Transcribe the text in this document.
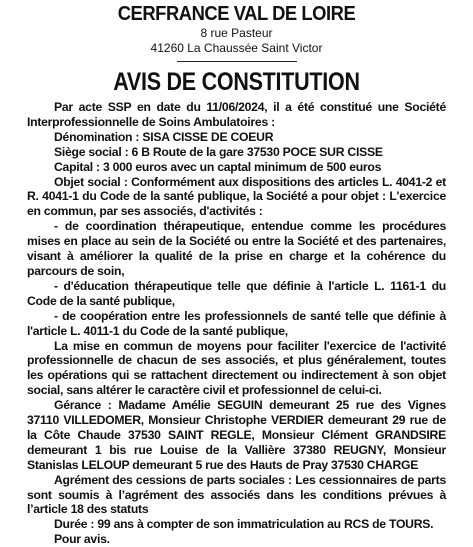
CERFRANCE VAL DE LOIRE

8 rue Pasteur

41260 La Chaussée Saint Victor

AVIS DE CONSTITUTION

Par acte SSP en date du 11/06/2024, il a été constitué une Société Interprofessionnelle de Soins Ambulatoires :

Dénomination : SISA CISSE DE COEUR

Siège social : 6 B Route de la gare 37530 POCE SUR CISSE

Capital : 3 000 euros avec un captal minimum de 500 euros

Objet social : Conformément aux dispositions des articles L. 4041-2 et R. 4041-1 du Code de la santé publique, la Société a pour objet : L'exercice en commun, par ses associés, d'activités :

- de coordination thérapeutique, entendue comme les procédures mises en place au sein de la Société ou entre la Société et des partenaires, visant à améliorer la qualité de la prise en charge et la cohérence du parcours de soin,

- d'éducation thérapeutique telle que définie à l'article L. 1161-1 du Code de la santé publique,

- de coopération entre les professionnels de santé telle que définie à l'article L. 4011-1 du Code de la santé publique,

La mise en commun de moyens pour faciliter l'exercice de l'activité professionnelle de chacun de ses associés, et plus généralement, toutes les opérations qui se rattachent directement ou indirectement à son objet social, sans altérer le caractère civil et professionnel de celui-ci.

Gérance : Madame Amélie SEGUIN demeurant 25 rue des Vignes 37110 VILLEDOMER, Monsieur Christophe VERDIER demeurant 29 rue de la Côte Chaude 37530 SAINT REGLE, Monsieur Clément GRANDSIRE demeurant 1 bis rue Louise de la Vallière 37380 REUGNY, Monsieur Stanislas LELOUP demeurant 5 rue des Hauts de Pray 37530 CHARGE

Agrément des cessions de parts sociales : Les cessionnaires de parts sont soumis à l’agrément des associés dans les conditions prévues à l’article 18 des statuts

Durée : 99 ans à compter de son immatriculation au RCS de TOURS.

Pour avis.
